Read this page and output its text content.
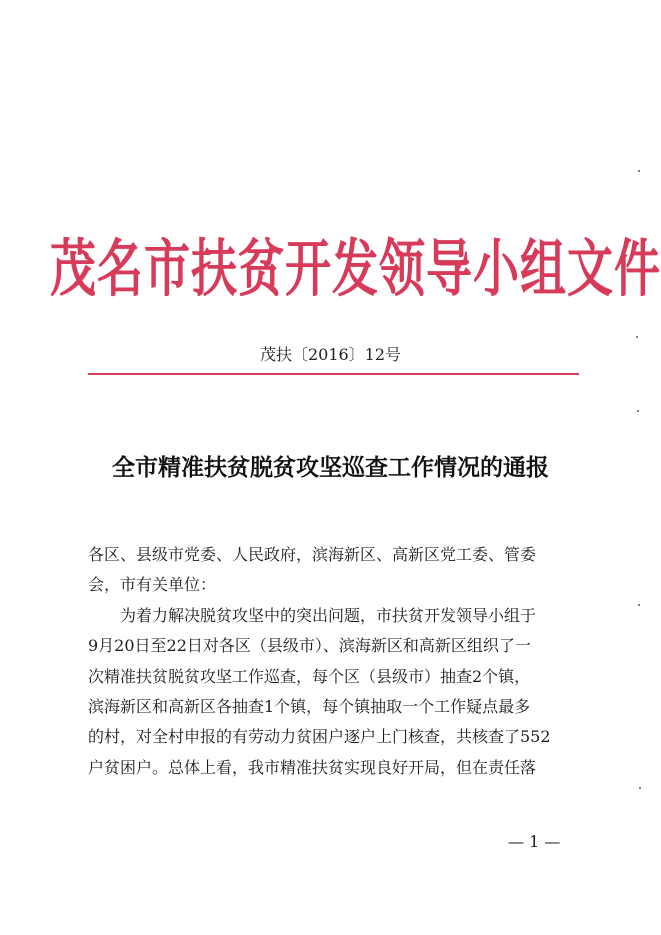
茂名市扶贫开发领导小组文件
茂扶〔2016〕12号
全市精准扶贫脱贫攻坚巡查工作情况的通报
各区、县级市党委、人民政府，滨海新区、高新区党工委、管委
会，市有关单位：
为着力解决脱贫攻坚中的突出问题，市扶贫开发领导小组于
9月20日至22日对各区（县级市）、滨海新区和高新区组织了一
次精准扶贫脱贫攻坚工作巡查，每个区（县级市）抽查2个镇，
滨海新区和高新区各抽查1个镇，每个镇抽取一个工作疑点最多
的村，对全村申报的有劳动力贫困户逐户上门核查，共核查了552
户贫困户。总体上看，我市精准扶贫实现良好开局，但在责任落
— 1 —
